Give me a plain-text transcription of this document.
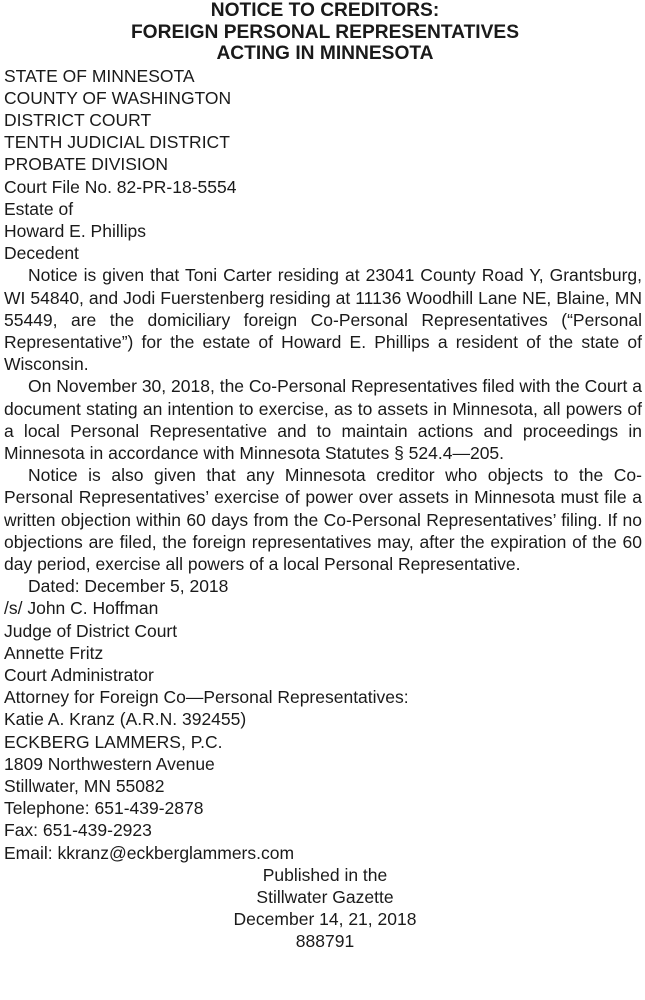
NOTICE TO CREDITORS:
FOREIGN PERSONAL REPRESENTATIVES
ACTING IN MINNESOTA
STATE OF MINNESOTA
COUNTY OF WASHINGTON
DISTRICT COURT
TENTH JUDICIAL DISTRICT
PROBATE DIVISION
Court File No. 82-PR-18-5554
Estate of
Howard E. Phillips
Decedent

Notice is given that Toni Carter residing at 23041 County Road Y, Grantsburg, WI 54840, and Jodi Fuerstenberg residing at 11136 Woodhill Lane NE, Blaine, MN 55449, are the domiciliary foreign Co-Personal Representatives (“Personal Representative”) for the estate of Howard E. Phillips a resident of the state of Wisconsin.

On November 30, 2018, the Co-Personal Representatives filed with the Court a document stating an intention to exercise, as to assets in Minnesota, all powers of a local Personal Representative and to maintain actions and proceedings in Minnesota in accordance with Minnesota Statutes § 524.4—205.

Notice is also given that any Minnesota creditor who objects to the Co-Personal Representatives’ exercise of power over assets in Minnesota must file a written objection within 60 days from the Co-Personal Representatives’ filing. If no objections are filed, the foreign representatives may, after the expiration of the 60 day period, exercise all powers of a local Personal Representative.

Dated: December 5, 2018
/s/ John C. Hoffman
Judge of District Court
Annette Fritz
Court Administrator
Attorney for Foreign Co—Personal Representatives:
Katie A. Kranz (A.R.N. 392455)
ECKBERG LAMMERS, P.C.
1809 Northwestern Avenue
Stillwater, MN 55082
Telephone: 651-439-2878
Fax: 651-439-2923
Email: kkranz@eckberglammers.com
Published in the
Stillwater Gazette
December 14, 21, 2018
888791
